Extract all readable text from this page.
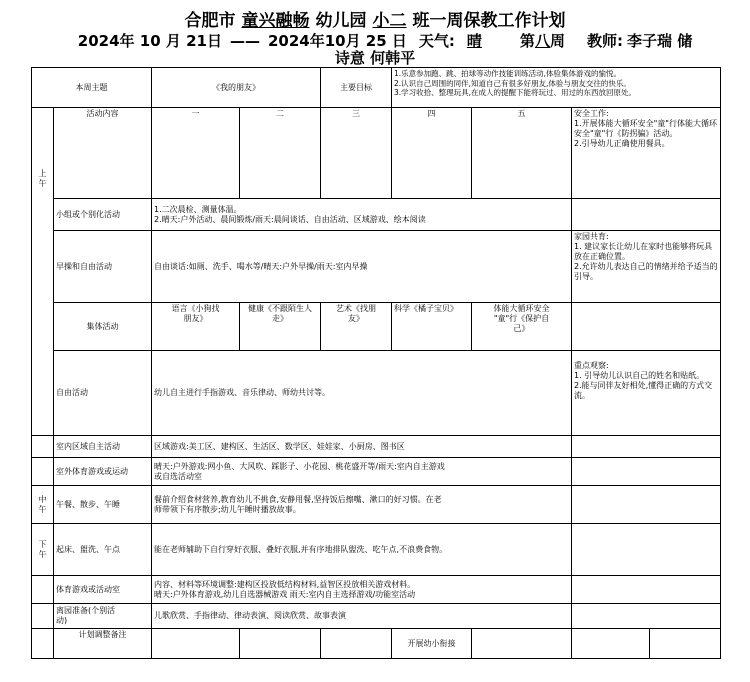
合肥市 童兴融畅 幼儿园 小二 班一周保教工作计划
2024年 10 月 21日 —— 2024年10月 25 日 天气: 晴	第八周 教师: 李子瑞 储
诗意 何韩平
本周主题		《我的朋友》		主要目标	1.乐意参加跑、跳、拍球等动作技能训练活动,体验集体游戏的愉悦。
2.认识自己周围的同伴,知道自己有很多好朋友,体验与朋友交往的快乐。
3.学习收拾、整理玩具,在成人的提醒下能将玩过、用过的东西放回原处。			
上
午	活动内容	一	二	三	四	五	安全工作:
1.开展体能大循环安全"童"行体能大循环安全"童"行《防拐骗》活动。
2.引导幼儿正确使用餐具。	
	小组或个别化活动	1.二次晨检、测量体温。
2.晴天:户外活动、晨间锻炼/雨天:晨间谈话、自由活动、区域游戏、绘本阅读						
	早操和自由活动	自由谈话:如厕、洗手、喝水等/晴天:户外早操/雨天:室内早操					家园共育:
1. 建议家长让幼儿在家时也能够将玩具放在正确位置。
2.允许幼儿表达自己的情绪并给予适当的引导。	
	集体活动	语言《小狗找
朋友》	健康《不跟陌生人
走》	艺术《找朋
友》	科学《橘子宝贝》	体能大循环安全
"童"行《保护自
己》		
	自由活动	幼儿自主进行手指游戏、音乐律动、师幼共讨等。					重点观察:
1. 引导幼儿认识自己的姓名和贴纸。
2.能与同伴友好相处,懂得正确的方式交流。	
	室内区域自主活动	区域游戏:美工区、建构区、生活区、数学区、娃娃家、小厨房、图书区						
	室外体育游戏或运动	晴天:户外游戏:网小鱼、大风吹、踩影子、小花园、桃花盛开等/雨天:室内自主游戏
或自选活动室						
中
午	午餐、散步、午睡	餐前介绍食材营养,教育幼儿不挑食,安静用餐,坚持饭后擦嘴、漱口的好习惯。在老
师带领下有序散步;幼儿午睡时播放故事。						
下
午	起床、盥洗、午点	能在老师辅助下自行穿好衣服、叠好衣服,并有序地排队盥洗、吃午点,不浪费食物。						
	体育游戏或活动室	内容、材料等环境调整:建构区投放低结构材料,益智区投放相关游戏材料。
晴天:户外体育游戏,幼儿自选器械游戏 雨天:室内自主选择游戏/功能室活动						
	离园准备(个别活
动)	儿歌欣赏、手指律动、律动表演、阅读欣赏、故事表演						
	计划调整备注				开展幼小衔接			
